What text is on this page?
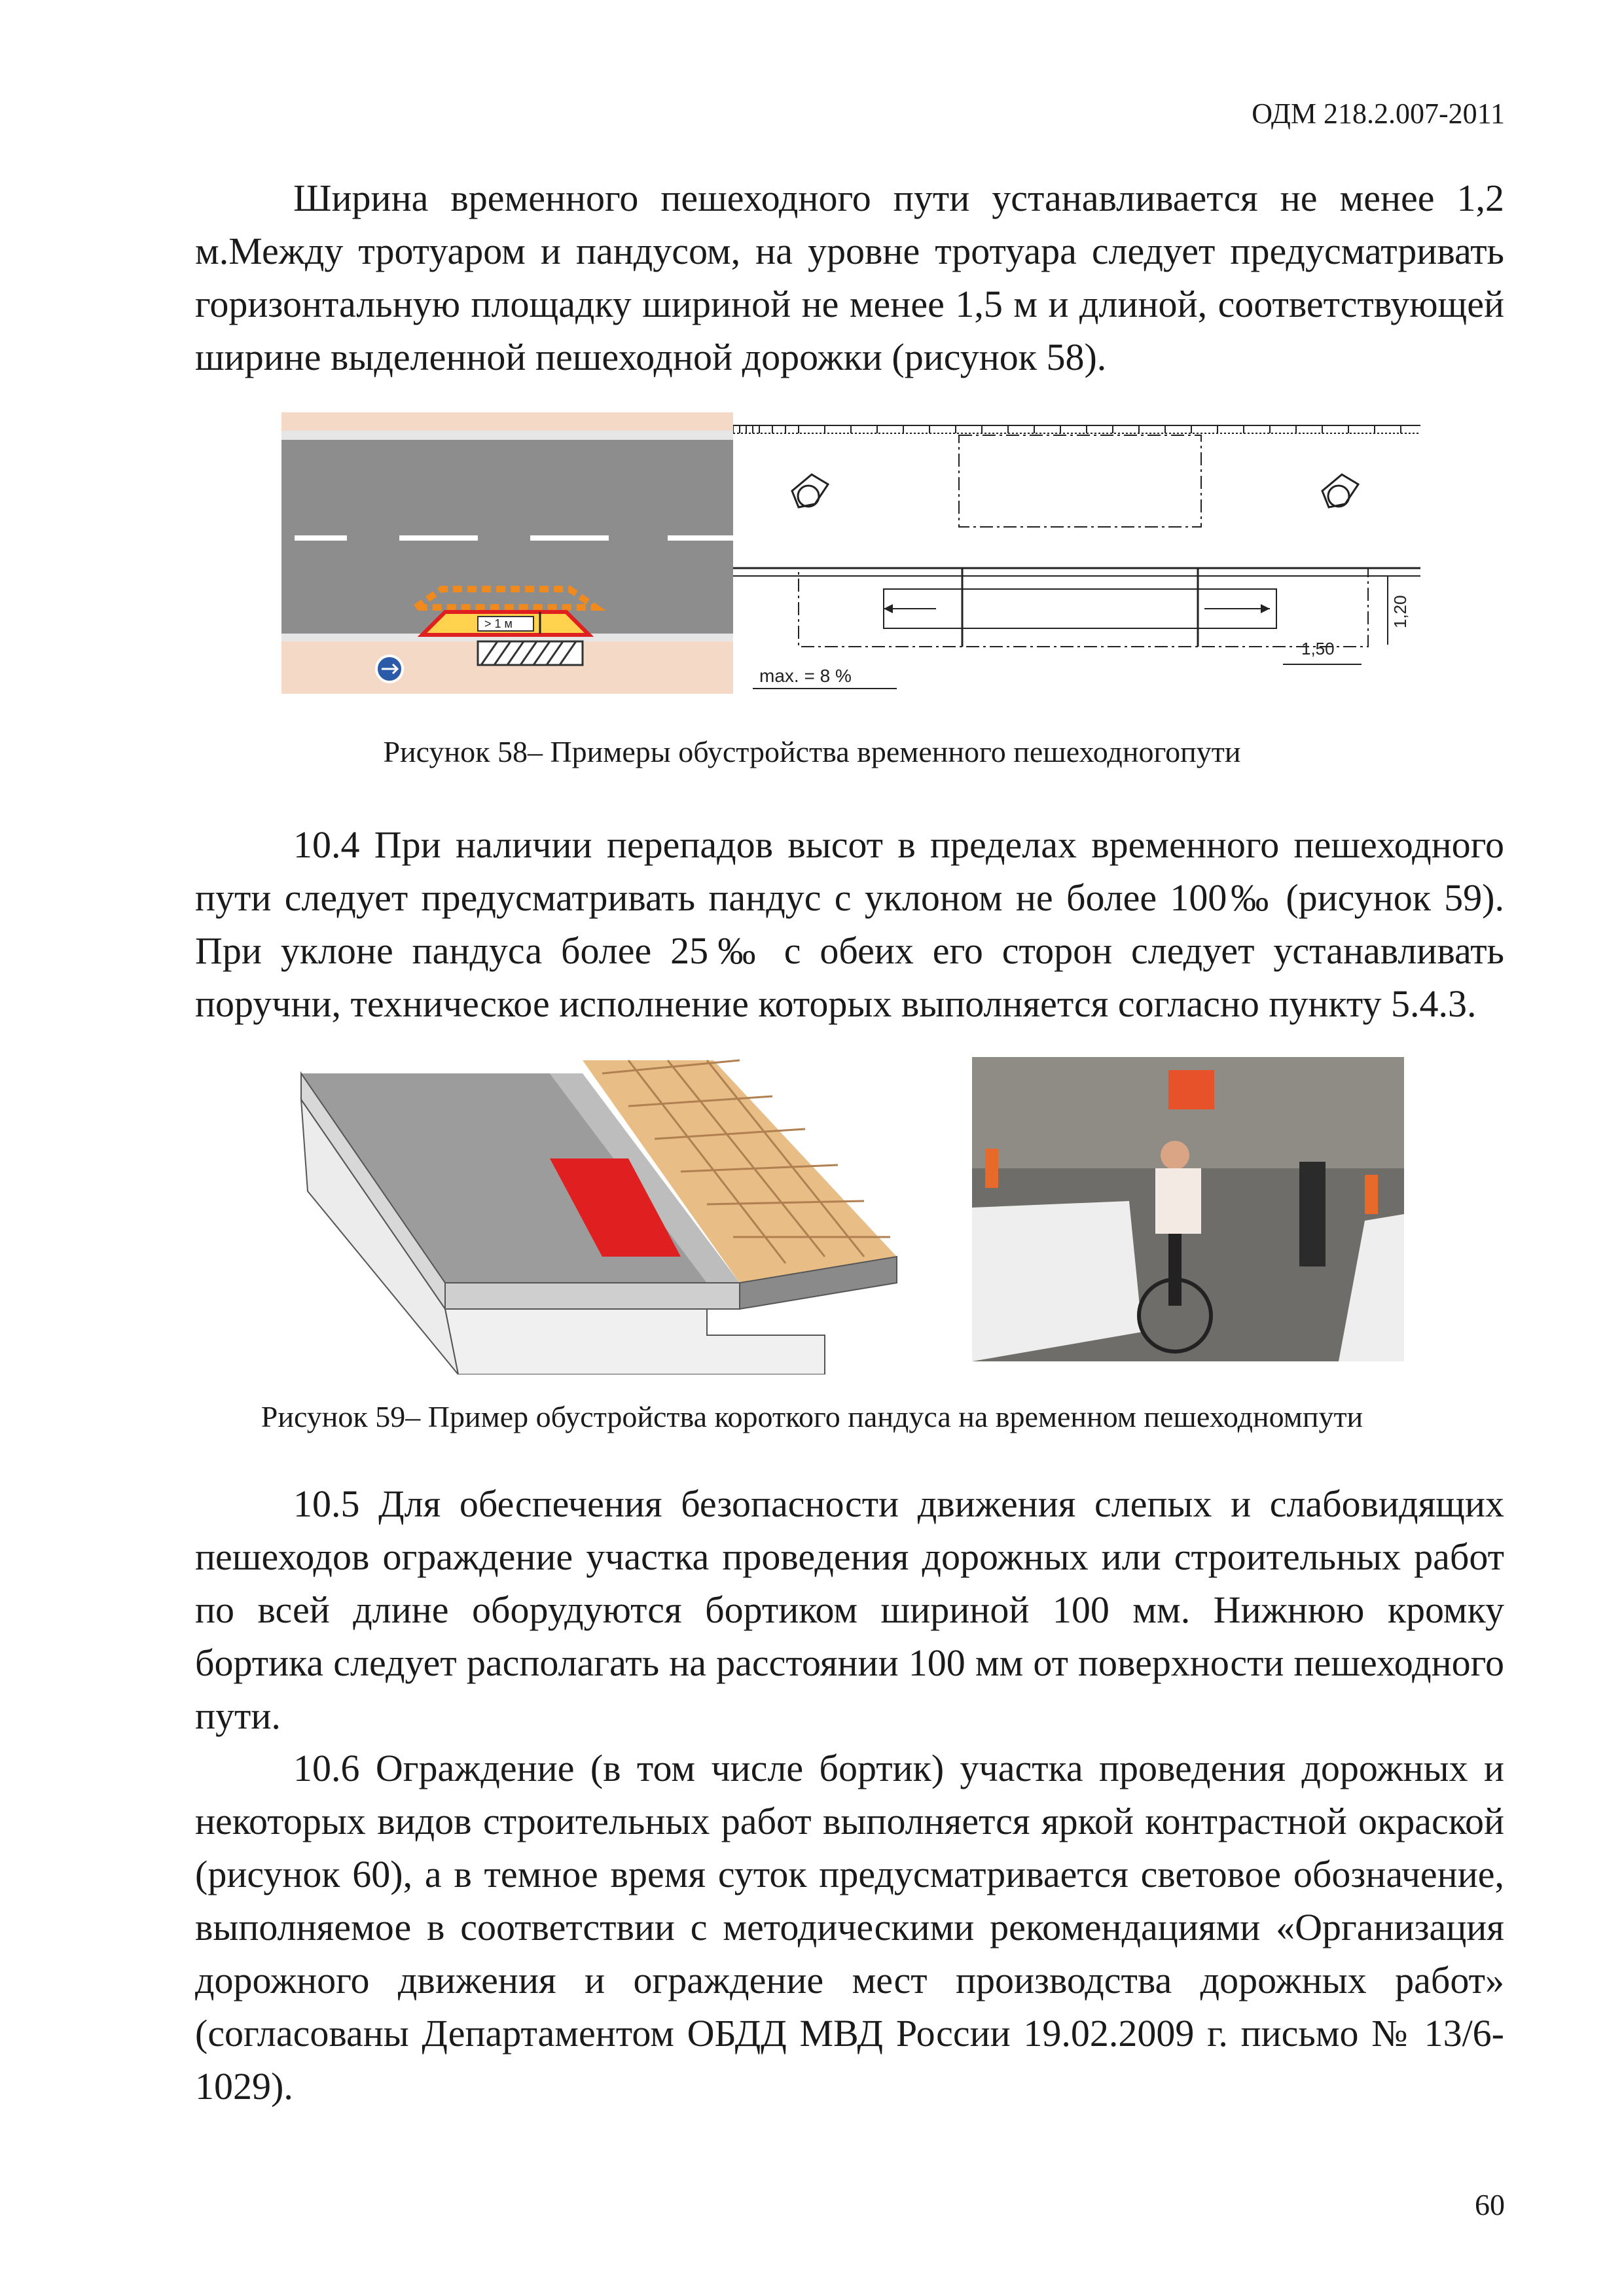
ОДМ 218.2.007-2011

Ширина временного пешеходного пути устанавливается не менее 1,2 м.Между тротуаром и пандусом, на уровне тротуара следует предусматривать горизонтальную площадку шириной не менее 1,5 м и длиной, соответствующей ширине выделенной пешеходной дорожки (рисунок 58).

> 1 м	1,20
1,50
max. = 8 %
Рисунок 58– Примеры обустройства временного пешеходногопути

10.4 При наличии перепадов высот в пределах временного пешеходного пути следует предусматривать пандус с уклоном не более 100‰ (рисунок 59). При уклоне пандуса более 25‰ с обеих его сторон следует устанавливать поручни, техническое исполнение которых выполняется согласно пункту 5.4.3.

Рисунок 59– Пример обустройства короткого пандуса на временном пешеходномпути

10.5 Для обеспечения безопасности движения слепых и слабовидящих пешеходов ограждение участка проведения дорожных или строительных работ по всей длине оборудуются бортиком шириной 100 мм. Нижнюю кромку бортика следует располагать на расстоянии 100 мм от поверхности пешеходного пути.

10.6 Ограждение (в том числе бортик) участка проведения дорожных и некоторых видов строительных работ выполняется яркой контрастной окраской (рисунок 60), а в темное время суток предусматривается световое обозначение, выполняемое в соответствии с методическими рекомендациями «Организация дорожного движения и ограждение мест производства дорожных работ» (согласованы Департаментом ОБДД МВД России 19.02.2009 г. письмо № 13/6-1029).

60
